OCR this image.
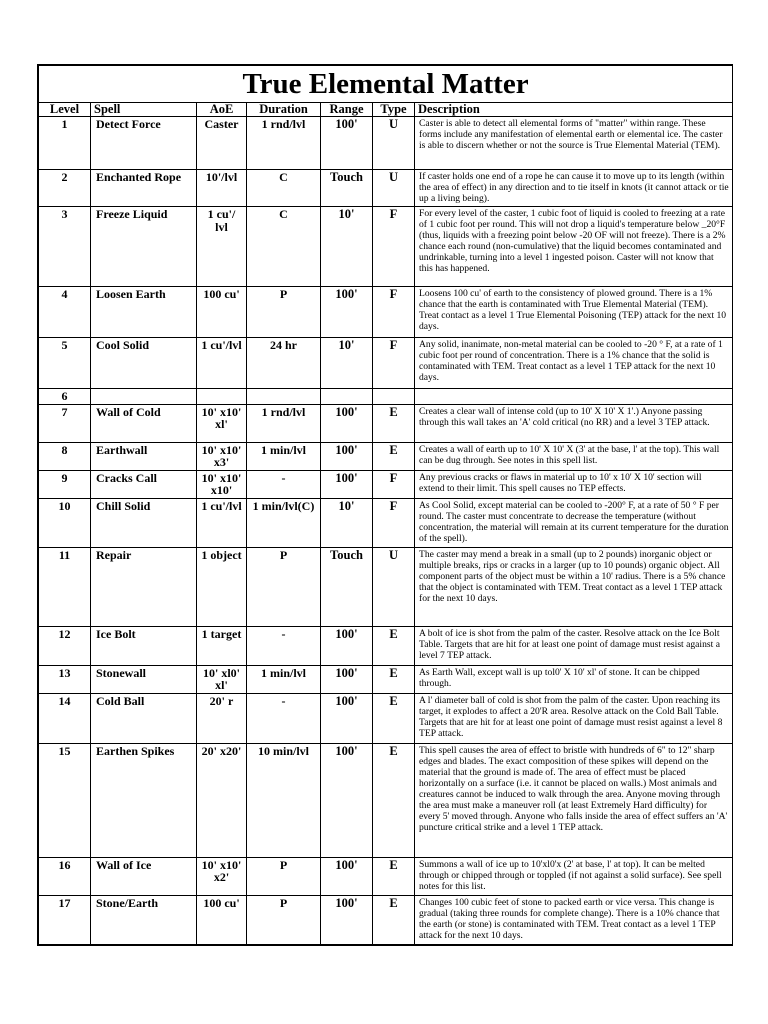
True Elemental Matter						
Level	Spell	AoE	Duration	Range	Type	Description
1	Detect Force	Caster	1 rnd/lvl	100'	U	Caster is able to detect all elemental forms of "matter" within range. These forms include any manifestation of elemental earth or elemental ice. The caster is able to discern whether or not the source is True Elemental Material (TEM).
2	Enchanted Rope	10'/lvl	C	Touch	U	If caster holds one end of a rope he can cause it to move up to its length (within the area of effect) in any direction and to tie itself in knots (it cannot attack or tie up a living being).
3	Freeze Liquid	1 cu'/ lvl	C	10'	F	For every level of the caster, 1 cubic foot of liquid is cooled to freezing at a rate of 1 cubic foot per round. This will not drop a liquid's temperature below _20°F (thus, liquids with a freezing point below -20 OF will not freeze). There is a 2% chance each round (non-cumulative) that the liquid becomes contaminated and undrinkable, turning into a level 1 ingested poison. Caster will not know that this has happened.
4	Loosen Earth	100 cu'	P	100'	F	Loosens 100 cu' of earth to the consistency of plowed ground. There is a 1% chance that the earth is contaminated with True Elemental Material (TEM). Treat contact as a level 1 True Elemental Poisoning (TEP) attack for the next 10 days.
5	Cool Solid	1 cu'/lvl	24 hr	10'	F	Any solid, inanimate, non-metal material can be cooled to -20 ° F, at a rate of 1 cubic foot per round of concentration. There is a 1% chance that the solid is contaminated with TEM. Treat contact as a level 1 TEP attack for the next 10 days.
6						
7	Wall of Cold	10' x10' xl'	1 rnd/lvl	100'	E	Creates a clear wall of intense cold (up to 10' X 10' X 1'.) Anyone passing through this wall takes an 'A' cold critical (no RR) and a level 3 TEP attack.
8	Earthwall	10' x10' x3'	1 min/lvl	100'	E	Creates a wall of earth up to 10' X 10' X (3' at the base, l' at the top). This wall can be dug through. See notes in this spell list.
9	Cracks Call	10' x10' x10'	-	100'	F	Any previous cracks or flaws in material up to 10' x 10' X 10' section will extend to their limit. This spell causes no TEP effects.
10	Chill Solid	1 cu'/lvl	1 min/lvl(C)	10'	F	As Cool Solid, except material can be cooled to -200° F, at a rate of 50 ° F per round. The caster must concentrate to decrease the temperature (without concentration, the material will remain at its current temperature for the duration of the spell).
11	Repair	1 object	P	Touch	U	The caster may mend a break in a small (up to 2 pounds) inorganic object or multiple breaks, rips or cracks in a larger (up to 10 pounds) organic object. All component parts of the object must be within a 10' radius. There is a 5% chance that the object is contaminated with TEM. Treat contact as a level 1 TEP attack for the next 10 days.
12	Ice Bolt	1 target	-	100'	E	A bolt of ice is shot from the palm of the caster. Resolve attack on the Ice Bolt Table. Targets that are hit for at least one point of damage must resist against a level 7 TEP attack.
13	Stonewall	10' xl0' xl'	1 min/lvl	100'	E	As Earth Wall, except wall is up tol0' X 10' xl' of stone. It can be chipped through.
14	Cold Ball	20' r	-	100'	E	A l' diameter ball of cold is shot from the palm of the caster. Upon reaching its target, it explodes to affect a 20'R area. Resolve attack on the Cold Ball Table. Targets that are hit for at least one point of damage must resist against a level 8 TEP attack.
15	Earthen Spikes	20' x20'	10 min/lvl	100'	E	This spell causes the area of effect to bristle with hundreds of 6" to 12" sharp edges and blades. The exact composition of these spikes will depend on the material that the ground is made of. The area of effect must be placed horizontally on a surface (i.e. it cannot be placed on walls.) Most animals and creatures cannot be induced to walk through the area. Anyone moving through the area must make a maneuver roll (at least Extremely Hard difficulty) for every 5' moved through. Anyone who falls inside the area of effect suffers an 'A' puncture critical strike and a level 1 TEP attack.
16	Wall of Ice	10' x10' x2'	P	100'	E	Summons a wall of ice up to 10'xl0'x (2' at base, l' at top). It can be melted through or chipped through or toppled (if not against a solid surface). See spell notes for this list.
17	Stone/Earth	100 cu'	P	100'	E	Changes 100 cubic feet of stone to packed earth or vice versa. This change is gradual (taking three rounds for complete change). There is a 10% chance that the earth (or stone) is contaminated with TEM. Treat contact as a level 1 TEP attack for the next 10 days.
